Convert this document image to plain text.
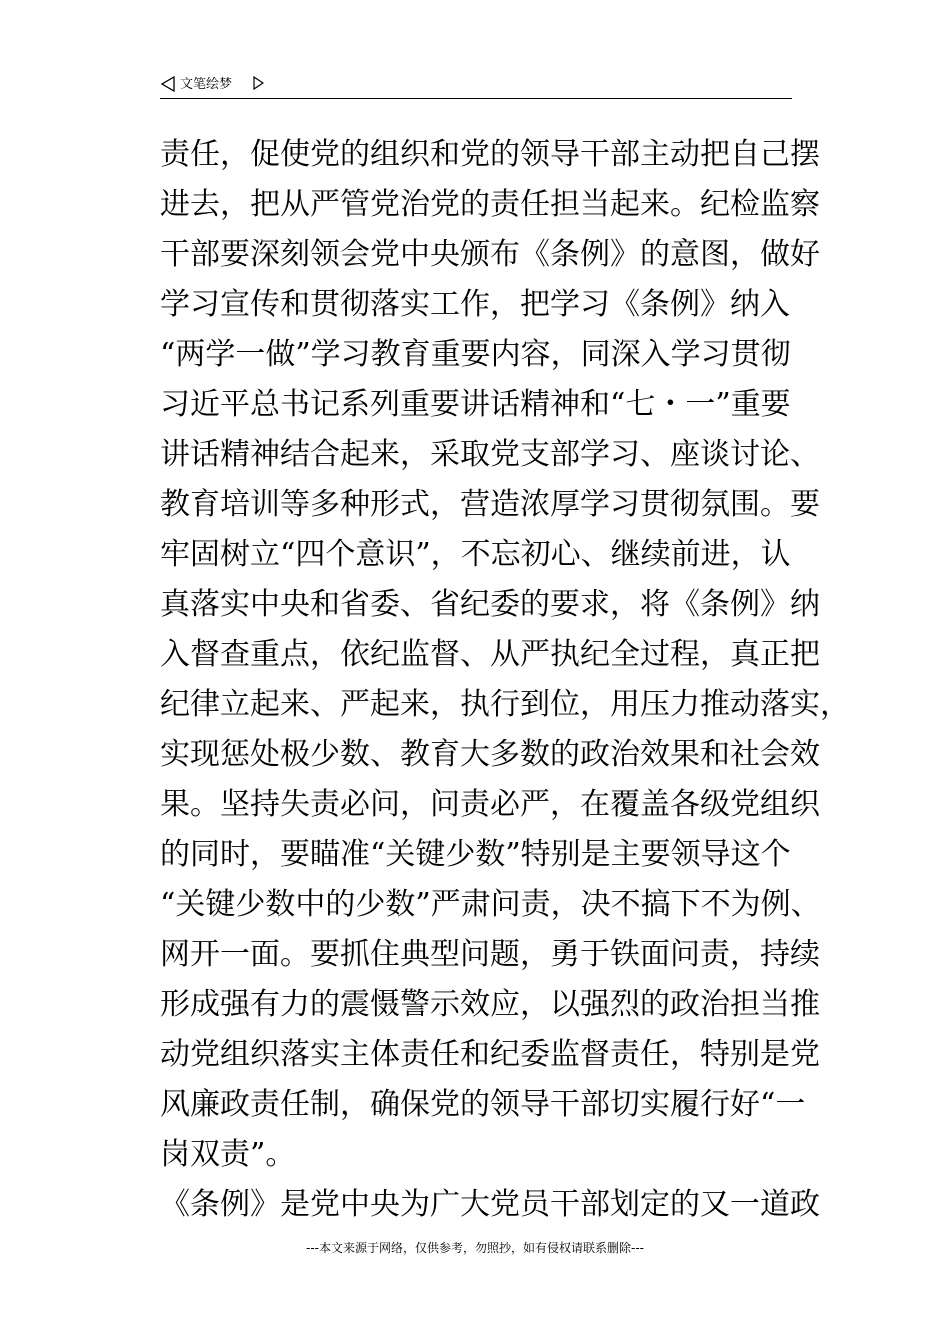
文笔绘梦
责任，促使党的组织和党的领导干部主动把自己摆
进去，把从严管党治党的责任担当起来。纪检监察
干部要深刻领会党中央颁布《条例》的意图，做好
学习宣传和贯彻落实工作，把学习《条例》纳入
“两学一做”学习教育重要内容，同深入学习贯彻
习近平总书记系列重要讲话精神和“七・一”重要
讲话精神结合起来，采取党支部学习、座谈讨论、
教育培训等多种形式，营造浓厚学习贯彻氛围。要
牢固树立“四个意识”，不忘初心、继续前进，认
真落实中央和省委、省纪委的要求，将《条例》纳
入督查重点，依纪监督、从严执纪全过程，真正把
纪律立起来、严起来，执行到位，用压力推动落实，
实现惩处极少数、教育大多数的政治效果和社会效
果。坚持失责必问，问责必严，在覆盖各级党组织
的同时，要瞄准“关键少数”特别是主要领导这个
“关键少数中的少数”严肃问责，决不搞下不为例、
网开一面。要抓住典型问题，勇于铁面问责，持续
形成强有力的震慑警示效应，以强烈的政治担当推
动党组织落实主体责任和纪委监督责任，特别是党
风廉政责任制，确保党的领导干部切实履行好“一
岗双责”。
《条例》是党中央为广大党员干部划定的又一道政
---本文来源于网络，仅供参考，勿照抄，如有侵权请联系删除---
